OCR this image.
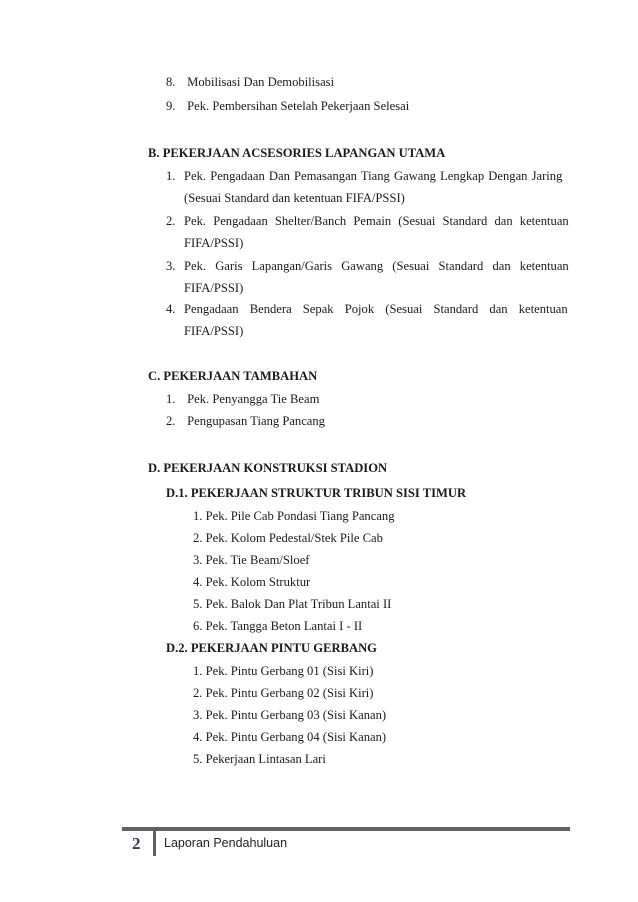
8. Mobilisasi Dan Demobilisasi
9. Pek. Pembersihan Setelah Pekerjaan Selesai
B. PEKERJAAN ACSESORIES LAPANGAN UTAMA
1. Pek. Pengadaan Dan Pemasangan Tiang Gawang Lengkap Dengan Jaring
(Sesuai Standard dan ketentuan FIFA/PSSI)
2. Pek. Pengadaan Shelter/Banch Pemain (Sesuai Standard dan ketentuan
FIFA/PSSI)
3. Pek. Garis Lapangan/Garis Gawang (Sesuai Standard dan ketentuan
FIFA/PSSI)
4. Pengadaan Bendera Sepak Pojok (Sesuai Standard dan ketentuan
FIFA/PSSI)
C. PEKERJAAN TAMBAHAN
1. Pek. Penyangga Tie Beam
2. Pengupasan Tiang Pancang
D. PEKERJAAN KONSTRUKSI STADION
D.1. PEKERJAAN STRUKTUR TRIBUN SISI TIMUR
1. Pek. Pile Cab Pondasi Tiang Pancang
2. Pek. Kolom Pedestal/Stek Pile Cab
3. Pek. Tie Beam/Sloef
4. Pek. Kolom Struktur
5. Pek. Balok Dan Plat Tribun Lantai II
6. Pek. Tangga Beton Lantai I - II
D.2. PEKERJAAN PINTU GERBANG
1. Pek. Pintu Gerbang 01 (Sisi Kiri)
2. Pek. Pintu Gerbang 02 (Sisi Kiri)
3. Pek. Pintu Gerbang 03 (Sisi Kanan)
4. Pek. Pintu Gerbang 04 (Sisi Kanan)
5. Pekerjaan Lintasan Lari
2 Laporan Pendahuluan
